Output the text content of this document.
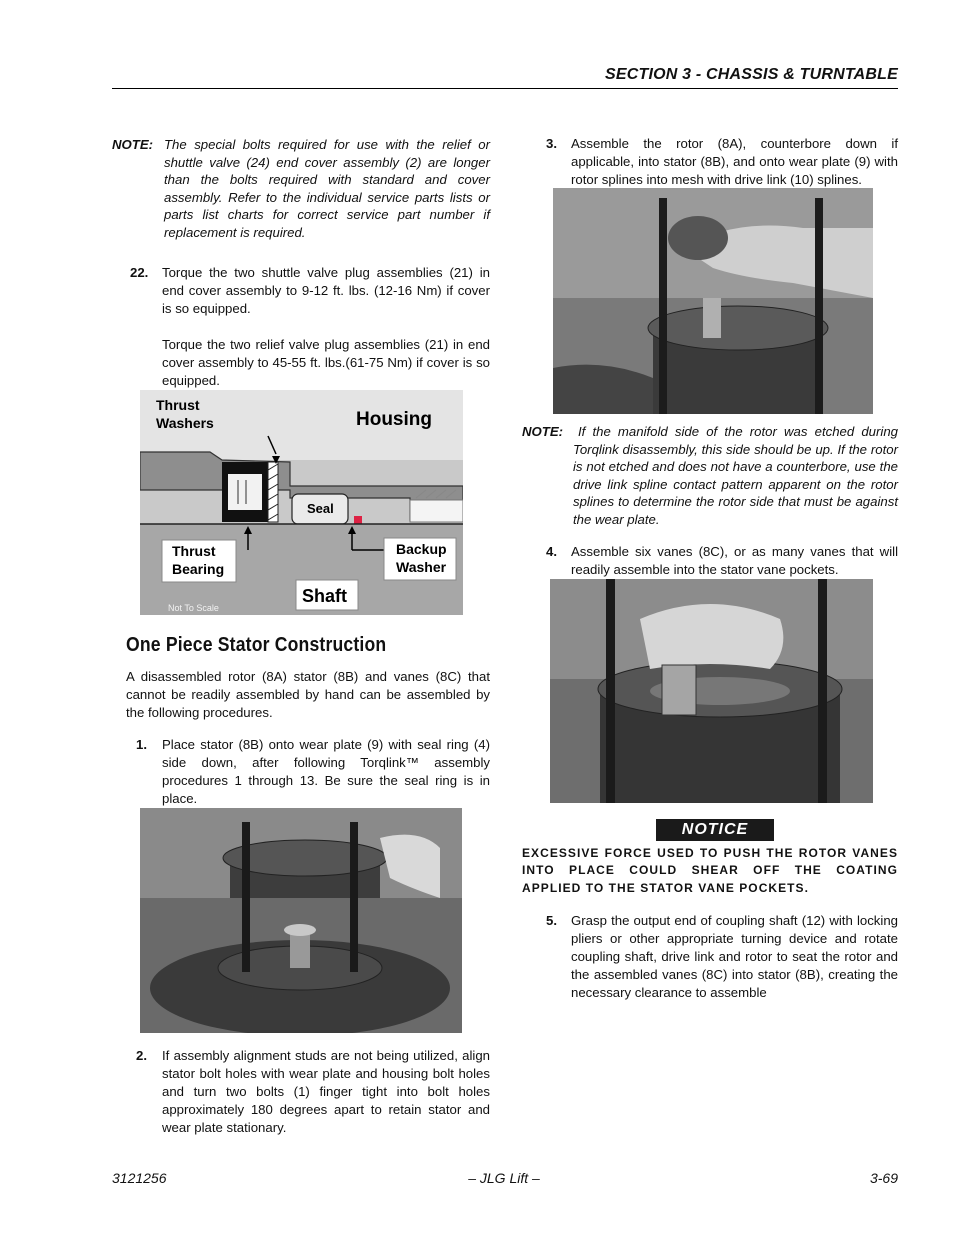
SECTION 3 - CHASSIS & TURNTABLE
NOTE: The special bolts required for use with the relief or shuttle valve (24) end cover assembly (2) are longer than the bolts required with standard and cover assembly. Refer to the individual service parts lists or parts list charts for correct service part number if replacement is required.
22. Torque the two shuttle valve plug assemblies (21) in end cover assembly to 9-12 ft. lbs. (12-16 Nm) if cover is so equipped.
Torque the two relief valve plug assemblies (21) in end cover assembly to 45-55 ft. lbs.(61-75 Nm) if cover is so equipped.
Thrust
Washers	Housing
Seal
Thrust
Bearing
Backup
Washer
Shaft
Not To Scale
One Piece Stator Construction
A disassembled rotor (8A) stator (8B) and vanes (8C) that cannot be readily assembled by hand can be assembled by the following procedures.
1. Place stator (8B) onto wear plate (9) with seal ring (4) side down, after following Torqlink™ assembly procedures 1 through 13. Be sure the seal ring is in place.
2. If assembly alignment studs are not being utilized, align stator bolt holes with wear plate and housing bolt holes and turn two bolts (1) finger tight into bolt holes approximately 180 degrees apart to retain stator and wear plate stationary.
3. Assemble the rotor (8A), counterbore down if applicable, into stator (8B), and onto wear plate (9) with rotor splines into mesh with drive link (10) splines.
NOTE:	If the manifold side of the rotor was etched during Torqlink disassembly, this side should be up. If the rotor is not etched and does not have a counterbore, use the drive link spline contact pattern apparent on the rotor splines to determine the rotor side that must be against the wear plate.
4. Assemble six vanes (8C), or as many vanes that will readily assemble into the stator vane pockets.
NOTICE
EXCESSIVE FORCE USED TO PUSH THE ROTOR VANES INTO PLACE COULD SHEAR OFF THE COATING APPLIED TO THE STATOR VANE POCKETS.
5. Grasp the output end of coupling shaft (12) with locking pliers or other appropriate turning device and rotate coupling shaft, drive link and rotor to seat the rotor and the assembled vanes (8C) into stator (8B), creating the necessary clearance to assemble
3121256	– JLG Lift –	3-69
